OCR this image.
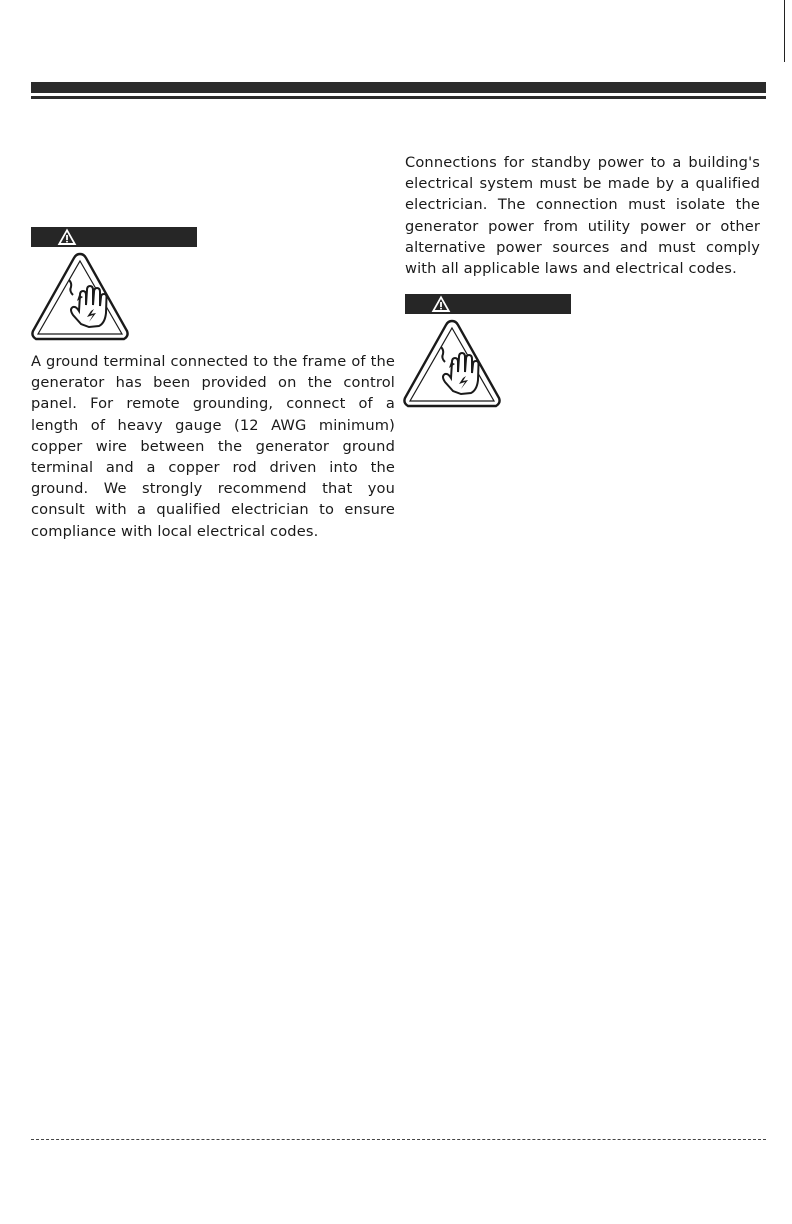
A ground terminal connected to the frame of the generator has been provided on the control panel. For remote grounding, connect of a length of heavy gauge (12 AWG minimum) copper wire between the generator ground terminal and a copper rod driven into the ground. We strongly recommend that you consult with a qualified electrician to ensure compliance with local electrical codes.

Connections for standby power to a building's electrical system must be made by a qualified electrician. The connection must isolate the generator power from utility power or other alternative power sources and must comply with all applicable laws and electrical codes.
